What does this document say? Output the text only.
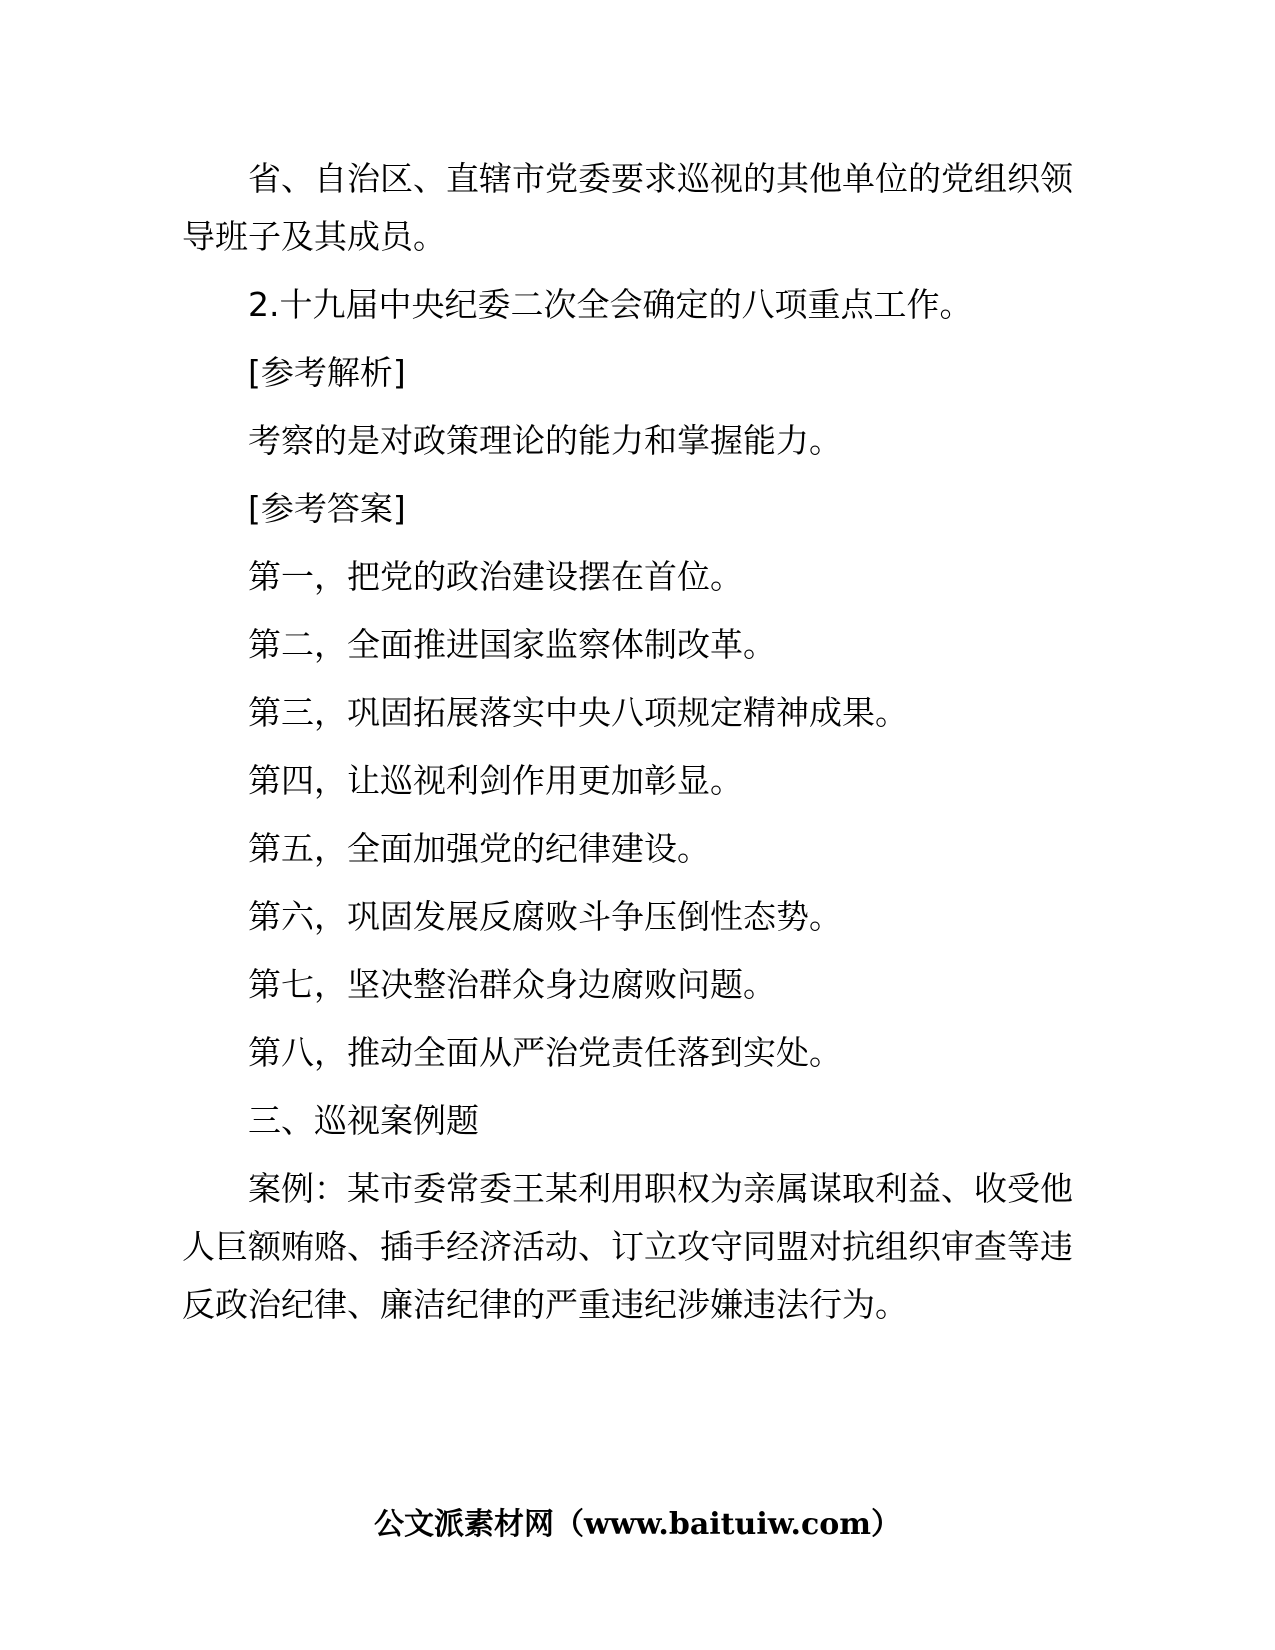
省、自治区、直辖市党委要求巡视的其他单位的党组织领导班子及其成员。

2.十九届中央纪委二次全会确定的八项重点工作。

[参考解析]

考察的是对政策理论的能力和掌握能力。

[参考答案]

第一，把党的政治建设摆在首位。

第二，全面推进国家监察体制改革。

第三，巩固拓展落实中央八项规定精神成果。

第四，让巡视利剑作用更加彰显。

第五，全面加强党的纪律建设。

第六，巩固发展反腐败斗争压倒性态势。

第七，坚决整治群众身边腐败问题。

第八，推动全面从严治党责任落到实处。

三、巡视案例题

案例：某市委常委王某利用职权为亲属谋取利益、收受他人巨额贿赂、插手经济活动、订立攻守同盟对抗组织审查等违反政治纪律、廉洁纪律的严重违纪涉嫌违法行为。

公文派素材网（www.baituiw.com）
